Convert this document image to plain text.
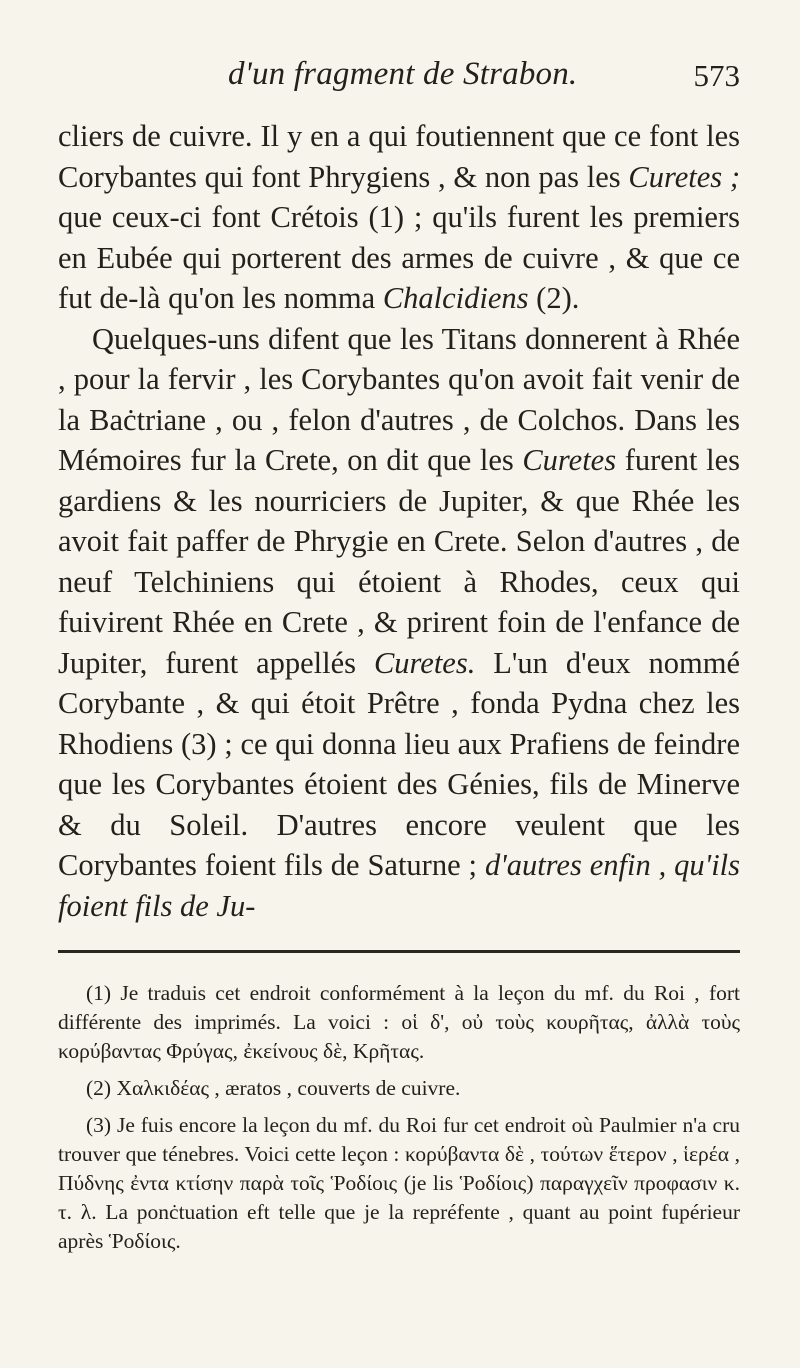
d'un fragment de Strabon.	573

cliers de cuivre. Il y en a qui foutiennent que ce font les Corybantes qui font Phrygiens , & non pas les Curetes ; que ceux-ci font Crétois (1) ; qu'ils furent les premiers en Eubée qui porterent des armes de cuivre , & que ce fut de-là qu'on les nomma Chalcidiens (2).

Quelques-uns difent que les Titans donnerent à Rhée , pour la fervir , les Corybantes qu'on avoit fait venir de la Baċtriane , ou , felon d'autres , de Colchos. Dans les Mémoires fur la Crete, on dit que les Curetes furent les gardiens & les nourriciers de Jupiter, & que Rhée les avoit fait paffer de Phrygie en Crete. Selon d'autres , de neuf Telchiniens qui étoient à Rhodes, ceux qui fuivirent Rhée en Crete , & prirent foin de l'enfance de Jupiter, furent appellés Curetes. L'un d'eux nommé Corybante , & qui étoit Prêtre , fonda Pydna chez les Rhodiens (3) ; ce qui donna lieu aux Prafiens de feindre que les Corybantes étoient des Génies, fils de Minerve & du Soleil. D'autres encore veulent que les Corybantes foient fils de Saturne ; d'autres enfin , qu'ils foient fils de Ju-

(1) Je traduis cet endroit conformément à la leçon du mf. du Roi , fort différente des imprimés. La voici : οἱ δ', οὐ τοὺς κουρῆτας, ἀλλὰ τοὺς κορύβαντας Φρύγας, ἐκείνους δὲ, Κρῆτας.

(2) Χαλκιδέας , æratos , couverts de cuivre.

(3) Je fuis encore la leçon du mf. du Roi fur cet endroit où Paulmier n'a cru trouver que ténebres. Voici cette leçon : κορύβαντα δὲ , τούτων ἕτερον , ἱερέα , Πύδνης ἐντα κτίσην παρὰ τοῖς Ῥοδίοις (je lis Ῥοδίοις) παραγχεῖν προφασιν κ. τ. λ. La ponċtuation eft telle que je la repréfente , quant au point fupérieur après Ῥοδίοις.
